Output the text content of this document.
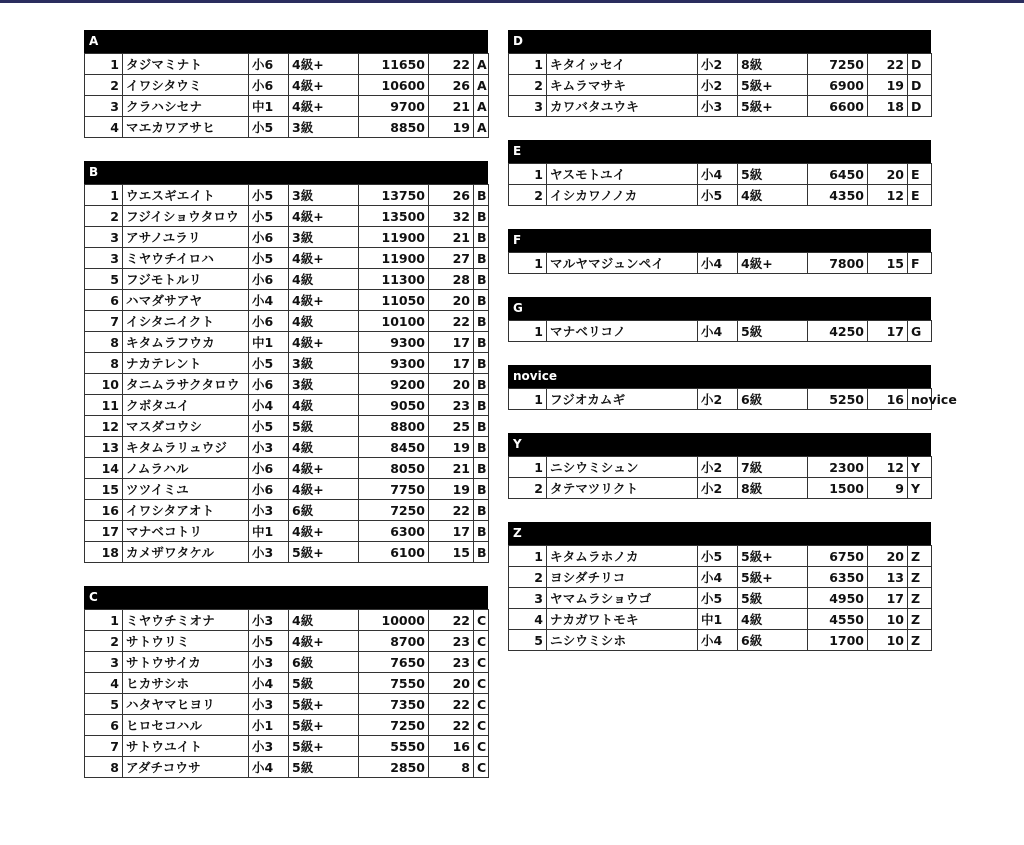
A
1	タジマミナト	小6	4級+	11650	22	A
2	イワシタウミ	小6	4級+	10600	26	A
3	クラハシセナ	中1	4級+	9700	21	A
4	マエカワアサヒ	小5	3級	8850	19	A
B
1	ウエスギエイト	小5	3級	13750	26	B
2	フジイショウタロウ	小5	4級+	13500	32	B
3	アサノユラリ	小6	3級	11900	21	B
3	ミヤウチイロハ	小5	4級+	11900	27	B
5	フジモトルリ	小6	4級	11300	28	B
6	ハマダサアヤ	小4	4級+	11050	20	B
7	イシタニイクト	小6	4級	10100	22	B
8	キタムラフウカ	中1	4級+	9300	17	B
8	ナカテレント	小5	3級	9300	17	B
10	タニムラサクタロウ	小6	3級	9200	20	B
11	クボタユイ	小4	4級	9050	23	B
12	マスダコウシ	小5	5級	8800	25	B
13	キタムラリュウジ	小3	4級	8450	19	B
14	ノムラハル	小6	4級+	8050	21	B
15	ツツイミユ	小6	4級+	7750	19	B
16	イワシタアオト	小3	6級	7250	22	B
17	マナベコトリ	中1	4級+	6300	17	B
18	カメザワタケル	小3	5級+	6100	15	B
C
1	ミヤウチミオナ	小3	4級	10000	22	C
2	サトウリミ	小5	4級+	8700	23	C
3	サトウサイカ	小3	6級	7650	23	C
4	ヒカサシホ	小4	5級	7550	20	C
5	ハタヤマヒヨリ	小3	5級+	7350	22	C
6	ヒロセコハル	小1	5級+	7250	22	C
7	サトウユイト	小3	5級+	5550	16	C
8	アダチコウサ	小4	5級	2850	8	C
D
1	キタイッセイ	小2	8級	7250	22	D
2	キムラマサキ	小2	5級+	6900	19	D
3	カワバタユウキ	小3	5級+	6600	18	D
E
1	ヤスモトユイ	小4	5級	6450	20	E
2	イシカワノノカ	小5	4級	4350	12	E
F
1	マルヤマジュンペイ	小4	4級+	7800	15	F
G
1	マナベリコノ	小4	5級	4250	17	G
novice
1	フジオカムギ	小2	6級	5250	16	novice
Y
1	ニシウミシュン	小2	7級	2300	12	Y
2	タテマツリクト	小2	8級	1500	9	Y
Z
1	キタムラホノカ	小5	5級+	6750	20	Z
2	ヨシダチリコ	小4	5級+	6350	13	Z
3	ヤマムラショウゴ	小5	5級	4950	17	Z
4	ナカガワトモキ	中1	4級	4550	10	Z
5	ニシウミシホ	小4	6級	1700	10	Z
